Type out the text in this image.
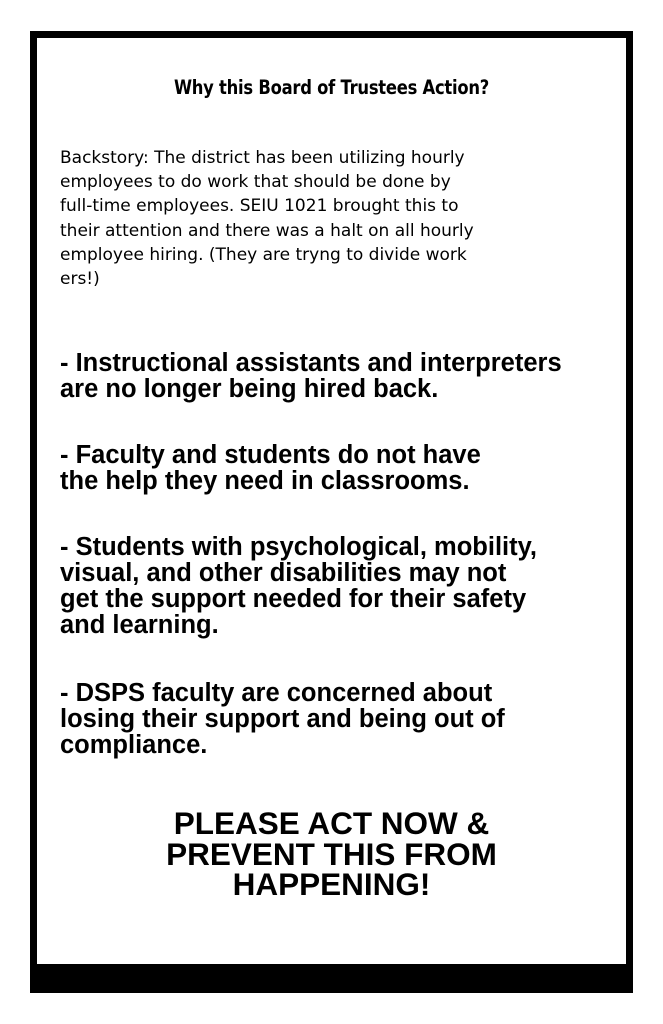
Why this Board of Trustees Action?

Backstory: The district has been utilizing hourly
employees to do work that should be done by
full-time employees. SEIU 1021 brought this to
their attention and there was a halt on all hourly
employee hiring. (They are tryng to divide work
ers!)

- Instructional assistants and interpreters
are no longer being hired back.

- Faculty and students do not have
the help they need in classrooms.

- Students with psychological, mobility,
visual, and other disabilities may not
get the support needed for their safety
and learning.

- DSPS faculty are concerned about
losing their support and being out of
compliance.

PLEASE ACT NOW &
PREVENT THIS FROM
HAPPENING!
